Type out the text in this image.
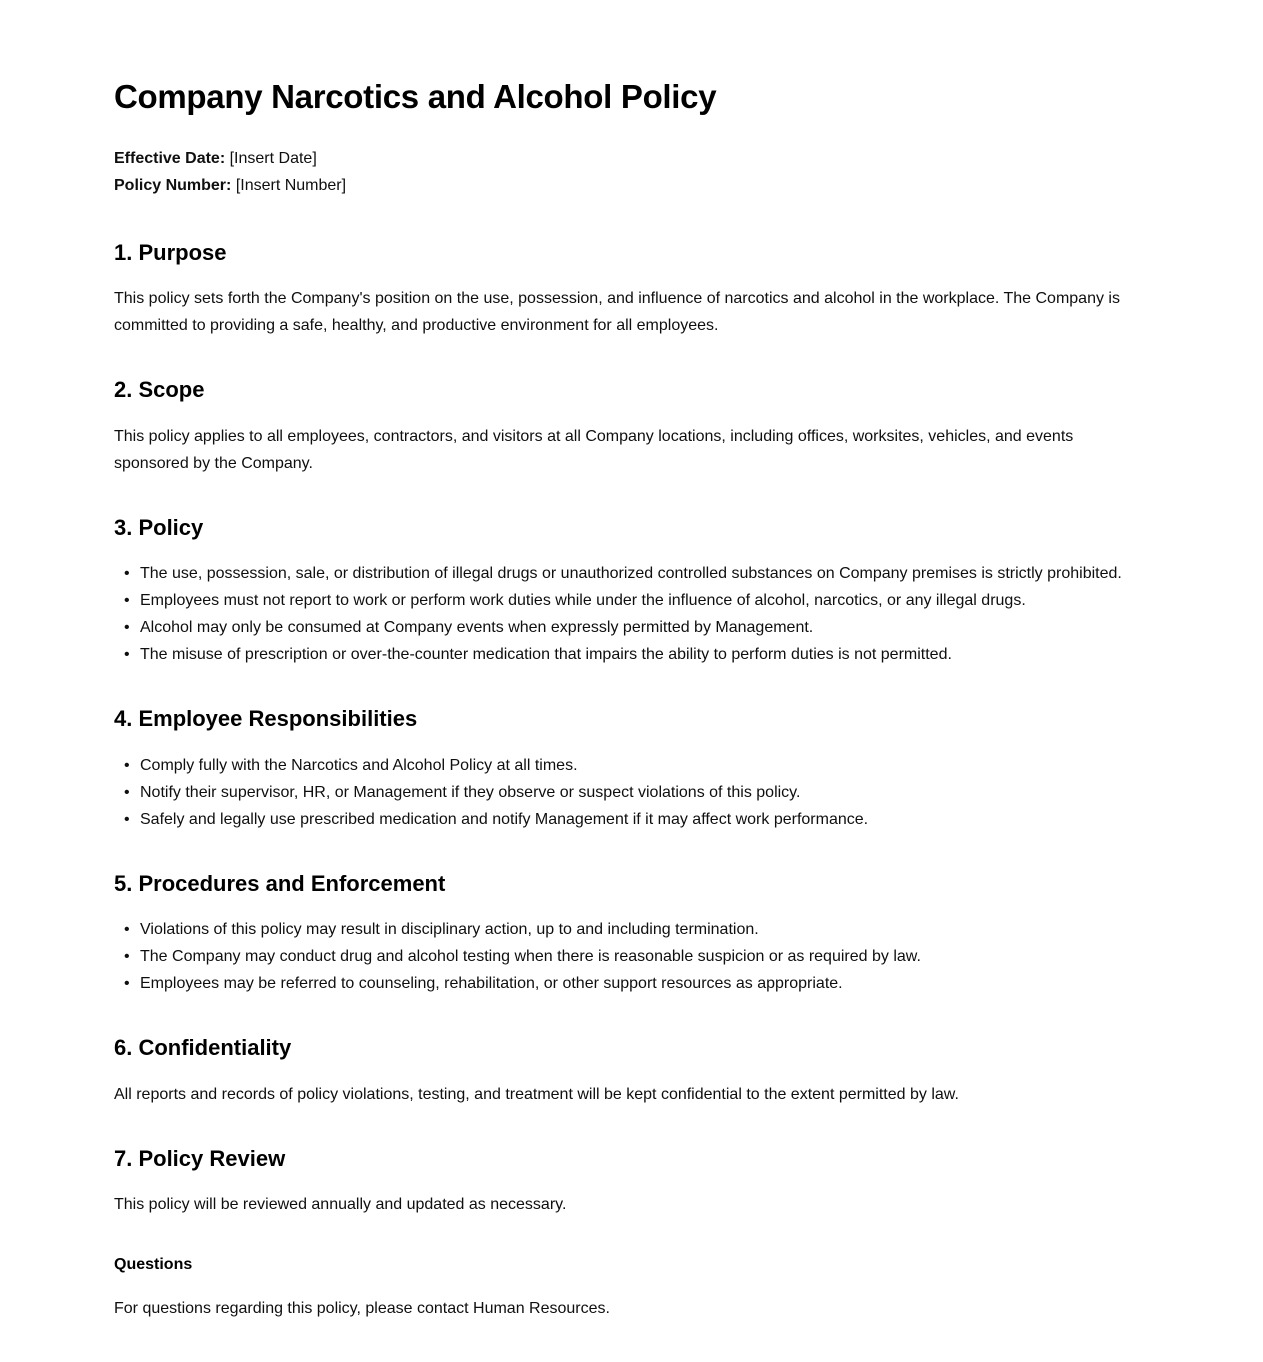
Company Narcotics and Alcohol Policy
Effective Date: [Insert Date]
Policy Number: [Insert Number]
1. Purpose

This policy sets forth the Company's position on the use, possession, and influence of narcotics and alcohol in the workplace. The Company is committed to providing a safe, healthy, and productive environment for all employees.

2. Scope

This policy applies to all employees, contractors, and visitors at all Company locations, including offices, worksites, vehicles, and events sponsored by the Company.

3. Policy
• The use, possession, sale, or distribution of illegal drugs or unauthorized controlled substances on Company premises is strictly prohibited.
• Employees must not report to work or perform work duties while under the influence of alcohol, narcotics, or any illegal drugs.
• Alcohol may only be consumed at Company events when expressly permitted by Management.
• The misuse of prescription or over-the-counter medication that impairs the ability to perform duties is not permitted.
4. Employee Responsibilities
• Comply fully with the Narcotics and Alcohol Policy at all times.
• Notify their supervisor, HR, or Management if they observe or suspect violations of this policy.
• Safely and legally use prescribed medication and notify Management if it may affect work performance.
5. Procedures and Enforcement
• Violations of this policy may result in disciplinary action, up to and including termination.
• The Company may conduct drug and alcohol testing when there is reasonable suspicion or as required by law.
• Employees may be referred to counseling, rehabilitation, or other support resources as appropriate.
6. Confidentiality

All reports and records of policy violations, testing, and treatment will be kept confidential to the extent permitted by law.

7. Policy Review

This policy will be reviewed annually and updated as necessary.

Questions

For questions regarding this policy, please contact Human Resources.
